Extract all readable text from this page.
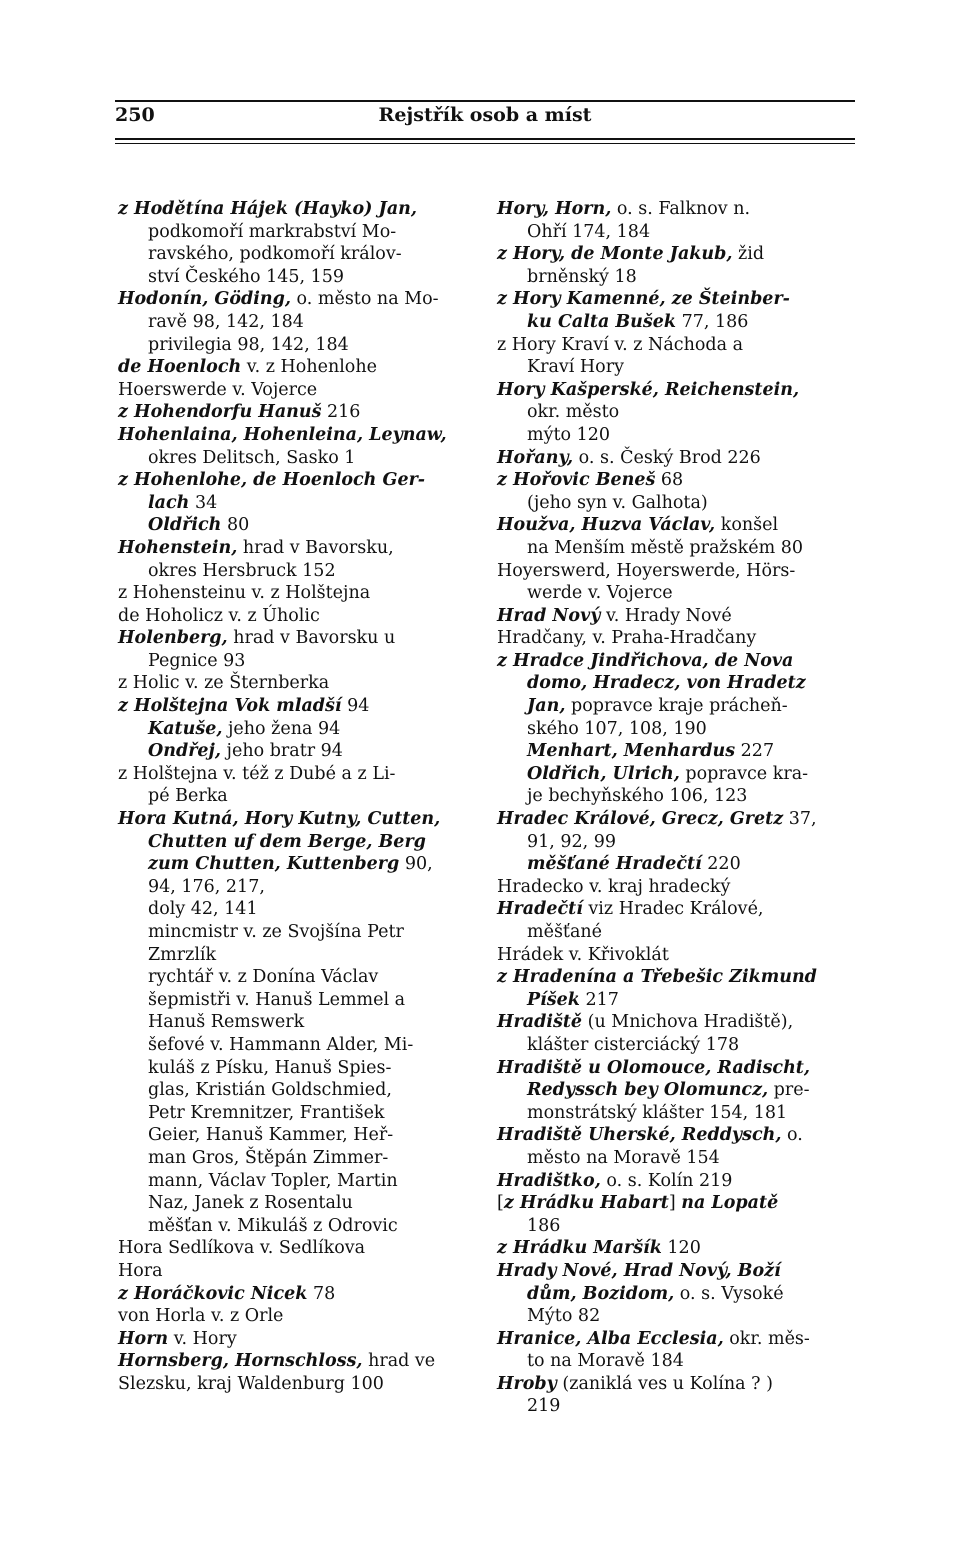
250	Rejstřík osob a míst
z Hodětína Hájek (Hayko) Jan,
podkomoří markrabství Mo-
ravského, podkomoří králov-
ství Českého 145, 159
Hodonín, Göding, o. město na Mo-
ravě 98, 142, 184
privilegia 98, 142, 184
de Hoenloch v. z Hohenlohe
Hoerswerde v. Vojerce
z Hohendorfu Hanuš 216
Hohenlaina, Hohenleina, Leynaw,
okres Delitsch, Sasko 1
z Hohenlohe, de Hoenloch Ger-
lach 34
Oldřich 80
Hohenstein, hrad v Bavorsku,
okres Hersbruck 152
z Hohensteinu v. z Holštejna
de Hoholicz v. z Úholic
Holenberg, hrad v Bavorsku u
Pegnice 93
z Holic v. ze Šternberka
z Holštejna Vok mladší 94
Katuše, jeho žena 94
Ondřej, jeho bratr 94
z Holštejna v. též z Dubé a z Li-
pé Berka
Hora Kutná, Hory Kutny, Cutten,
Chutten uf dem Berge, Berg
zum Chutten, Kuttenberg 90,
94, 176, 217,
doly 42, 141
mincmistr v. ze Svojšína Petr
Zmrzlík
rychtář v. z Donína Václav
šepmistři v. Hanuš Lemmel a
Hanuš Remswerk
šefové v. Hammann Alder, Mi-
kuláš z Písku, Hanuš Spies-
glas, Kristián Goldschmied,
Petr Kremnitzer, František
Geier, Hanuš Kammer, Heř-
man Gros, Štěpán Zimmer-
mann, Václav Topler, Martin
Naz, Janek z Rosentalu
měšťan v. Mikuláš z Odrovic
Hora Sedlíkova v. Sedlíkova
Hora
z Horáčkovic Nicek 78
von Horla v. z Orle
Horn v. Hory
Hornsberg, Hornschloss, hrad ve
Slezsku, kraj Waldenburg 100
Hory, Horn, o. s. Falknov n.
Ohří 174, 184
z Hory, de Monte Jakub, žid
brněnský 18
z Hory Kamenné, ze Šteinber-
ku Calta Bušek 77, 186
z Hory Kraví v. z Náchoda a
Kraví Hory
Hory Kašperské, Reichenstein,
okr. město
mýto 120
Hořany, o. s. Český Brod 226
z Hořovic Beneš 68
(jeho syn v. Galhota)
Houžva, Huzva Václav, konšel
na Menším městě pražském 80
Hoyerswerd, Hoyerswerde, Hörs-
werde v. Vojerce
Hrad Nový v. Hrady Nové
Hradčany, v. Praha-Hradčany
z Hradce Jindřichova, de Nova
domo, Hradecz, von Hradetz
Jan, popravce kraje prácheň-
ského 107, 108, 190
Menhart, Menhardus 227
Oldřich, Ulrich, popravce kra-
je bechyňského 106, 123
Hradec Králové, Grecz, Gretz 37,
91, 92, 99
měšťané Hradečtí 220
Hradecko v. kraj hradecký
Hradečtí viz Hradec Králové,
měšťané
Hrádek v. Křivoklát
z Hradenína a Třebešic Zikmund
Píšek 217
Hradiště (u Mnichova Hradiště),
klášter cisterciácký 178
Hradiště u Olomouce, Radischt,
Redyssch bey Olomuncz, pre-
monstrátský klášter 154, 181
Hradiště Uherské, Reddysch, o.
město na Moravě 154
Hradištko, o. s. Kolín 219
[z Hrádku Habart] na Lopatě
186
z Hrádku Maršík 120
Hrady Nové, Hrad Nový, Boží
dům, Bozidom, o. s. Vysoké
Mýto 82
Hranice, Alba Ecclesia, okr. měs-
to na Moravě 184
Hroby (zaniklá ves u Kolína ? )
219
